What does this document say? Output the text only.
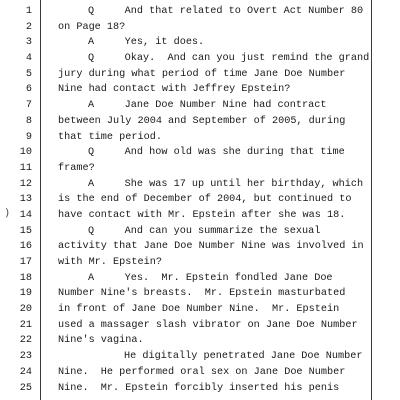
)
1	Q     And that related to Overt Act Number 80
2	on Page 18?
3	A     Yes, it does.
4	Q     Okay.  And can you just remind the grand
5	jury during what period of time Jane Doe Number
6	Nine had contact with Jeffrey Epstein?
7	A     Jane Doe Number Nine had contract
8	between July 2004 and September of 2005, during
9	that time period.
10	Q     And how old was she during that time
11	frame?
12	A     She was 17 up until her birthday, which
13	is the end of December of 2004, but continued to
14	have contact with Mr. Epstein after she was 18.
15	Q     And can you summarize the sexual
16	activity that Jane Doe Number Nine was involved in
17	with Mr. Epstein?
18	A     Yes.  Mr. Epstein fondled Jane Doe
19	Number Nine's breasts.  Mr. Epstein masturbated
20	in front of Jane Doe Number Nine.  Mr. Epstein
21	used a massager slash vibrator on Jane Doe Number
22	Nine's vagina.
23	He digitally penetrated Jane Doe Number
24	Nine.  He performed oral sex on Jane Doe Number
25	Nine.  Mr. Epstein forcibly inserted his penis
